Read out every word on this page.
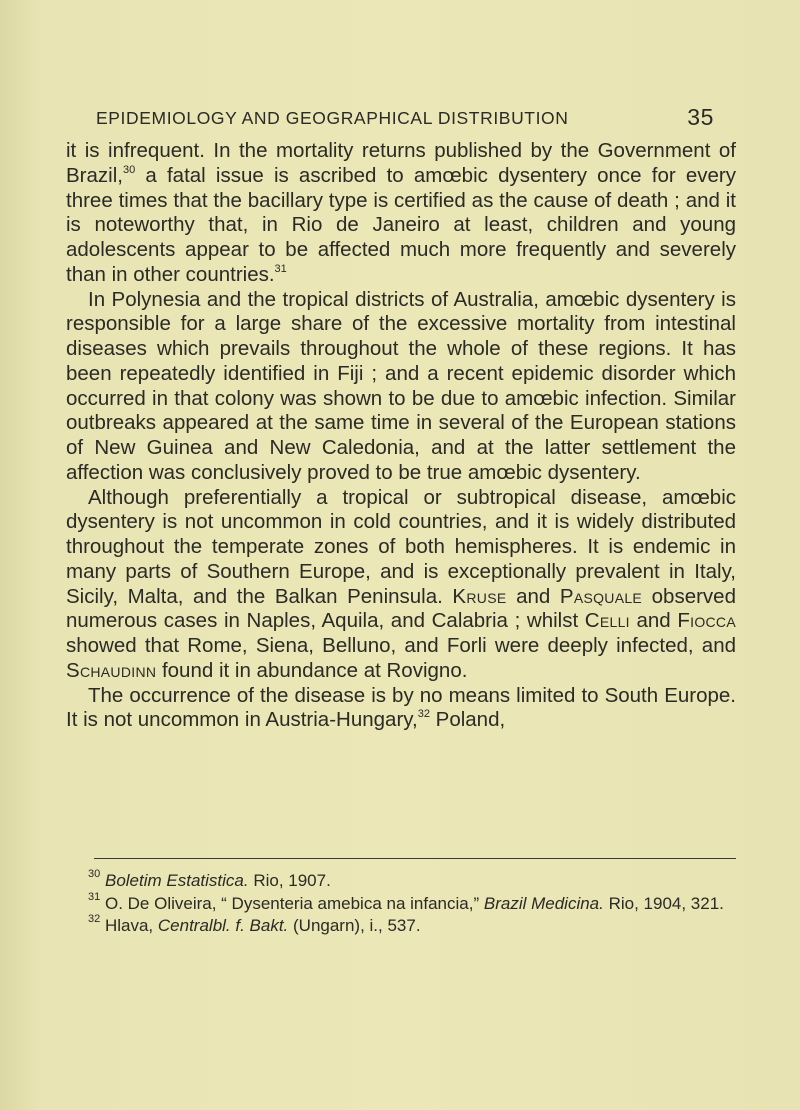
EPIDEMIOLOGY AND GEOGRAPHICAL DISTRIBUTION	35

it is infrequent. In the mortality returns published by the Government of Brazil,$^{30}$ a fatal issue is ascribed to amœbic dysentery once for every three times that the bacillary type is certified as the cause of death ; and it is noteworthy that, in Rio de Janeiro at least, children and young adolescents appear to be affected much more frequently and severely than in other countries.$^{31}$

In Polynesia and the tropical districts of Australia, amœbic dysentery is responsible for a large share of the excessive mortality from intestinal diseases which prevails throughout the whole of these regions. It has been repeatedly identified in Fiji ; and a recent epidemic disorder which occurred in that colony was shown to be due to amœbic infection. Similar outbreaks appeared at the same time in several of the European stations of New Guinea and New Caledonia, and at the latter settlement the affection was conclusively proved to be true amœbic dysentery.

Although preferentially a tropical or subtropical disease, amœbic dysentery is not uncommon in cold countries, and it is widely distributed throughout the temperate zones of both hemispheres. It is endemic in many parts of Southern Europe, and is exceptionally prevalent in Italy, Sicily, Malta, and the Balkan Peninsula. Kruse and Pasquale observed numerous cases in Naples, Aquila, and Calabria ; whilst Celli and Fiocca showed that Rome, Siena, Belluno, and Forli were deeply infected, and Schaudinn found it in abundance at Rovigno.

The occurrence of the disease is by no means limited to South Europe. It is not uncommon in Austria-Hungary,$^{32}$ Poland,

$^{30}$ Boletim Estatistica. Rio, 1907.

$^{31}$ O. De Oliveira, “ Dysenteria amebica na infancia,” Brazil Medicina. Rio, 1904, 321.

$^{32}$ Hlava, Centralbl. f. Bakt. (Ungarn), i., 537.
